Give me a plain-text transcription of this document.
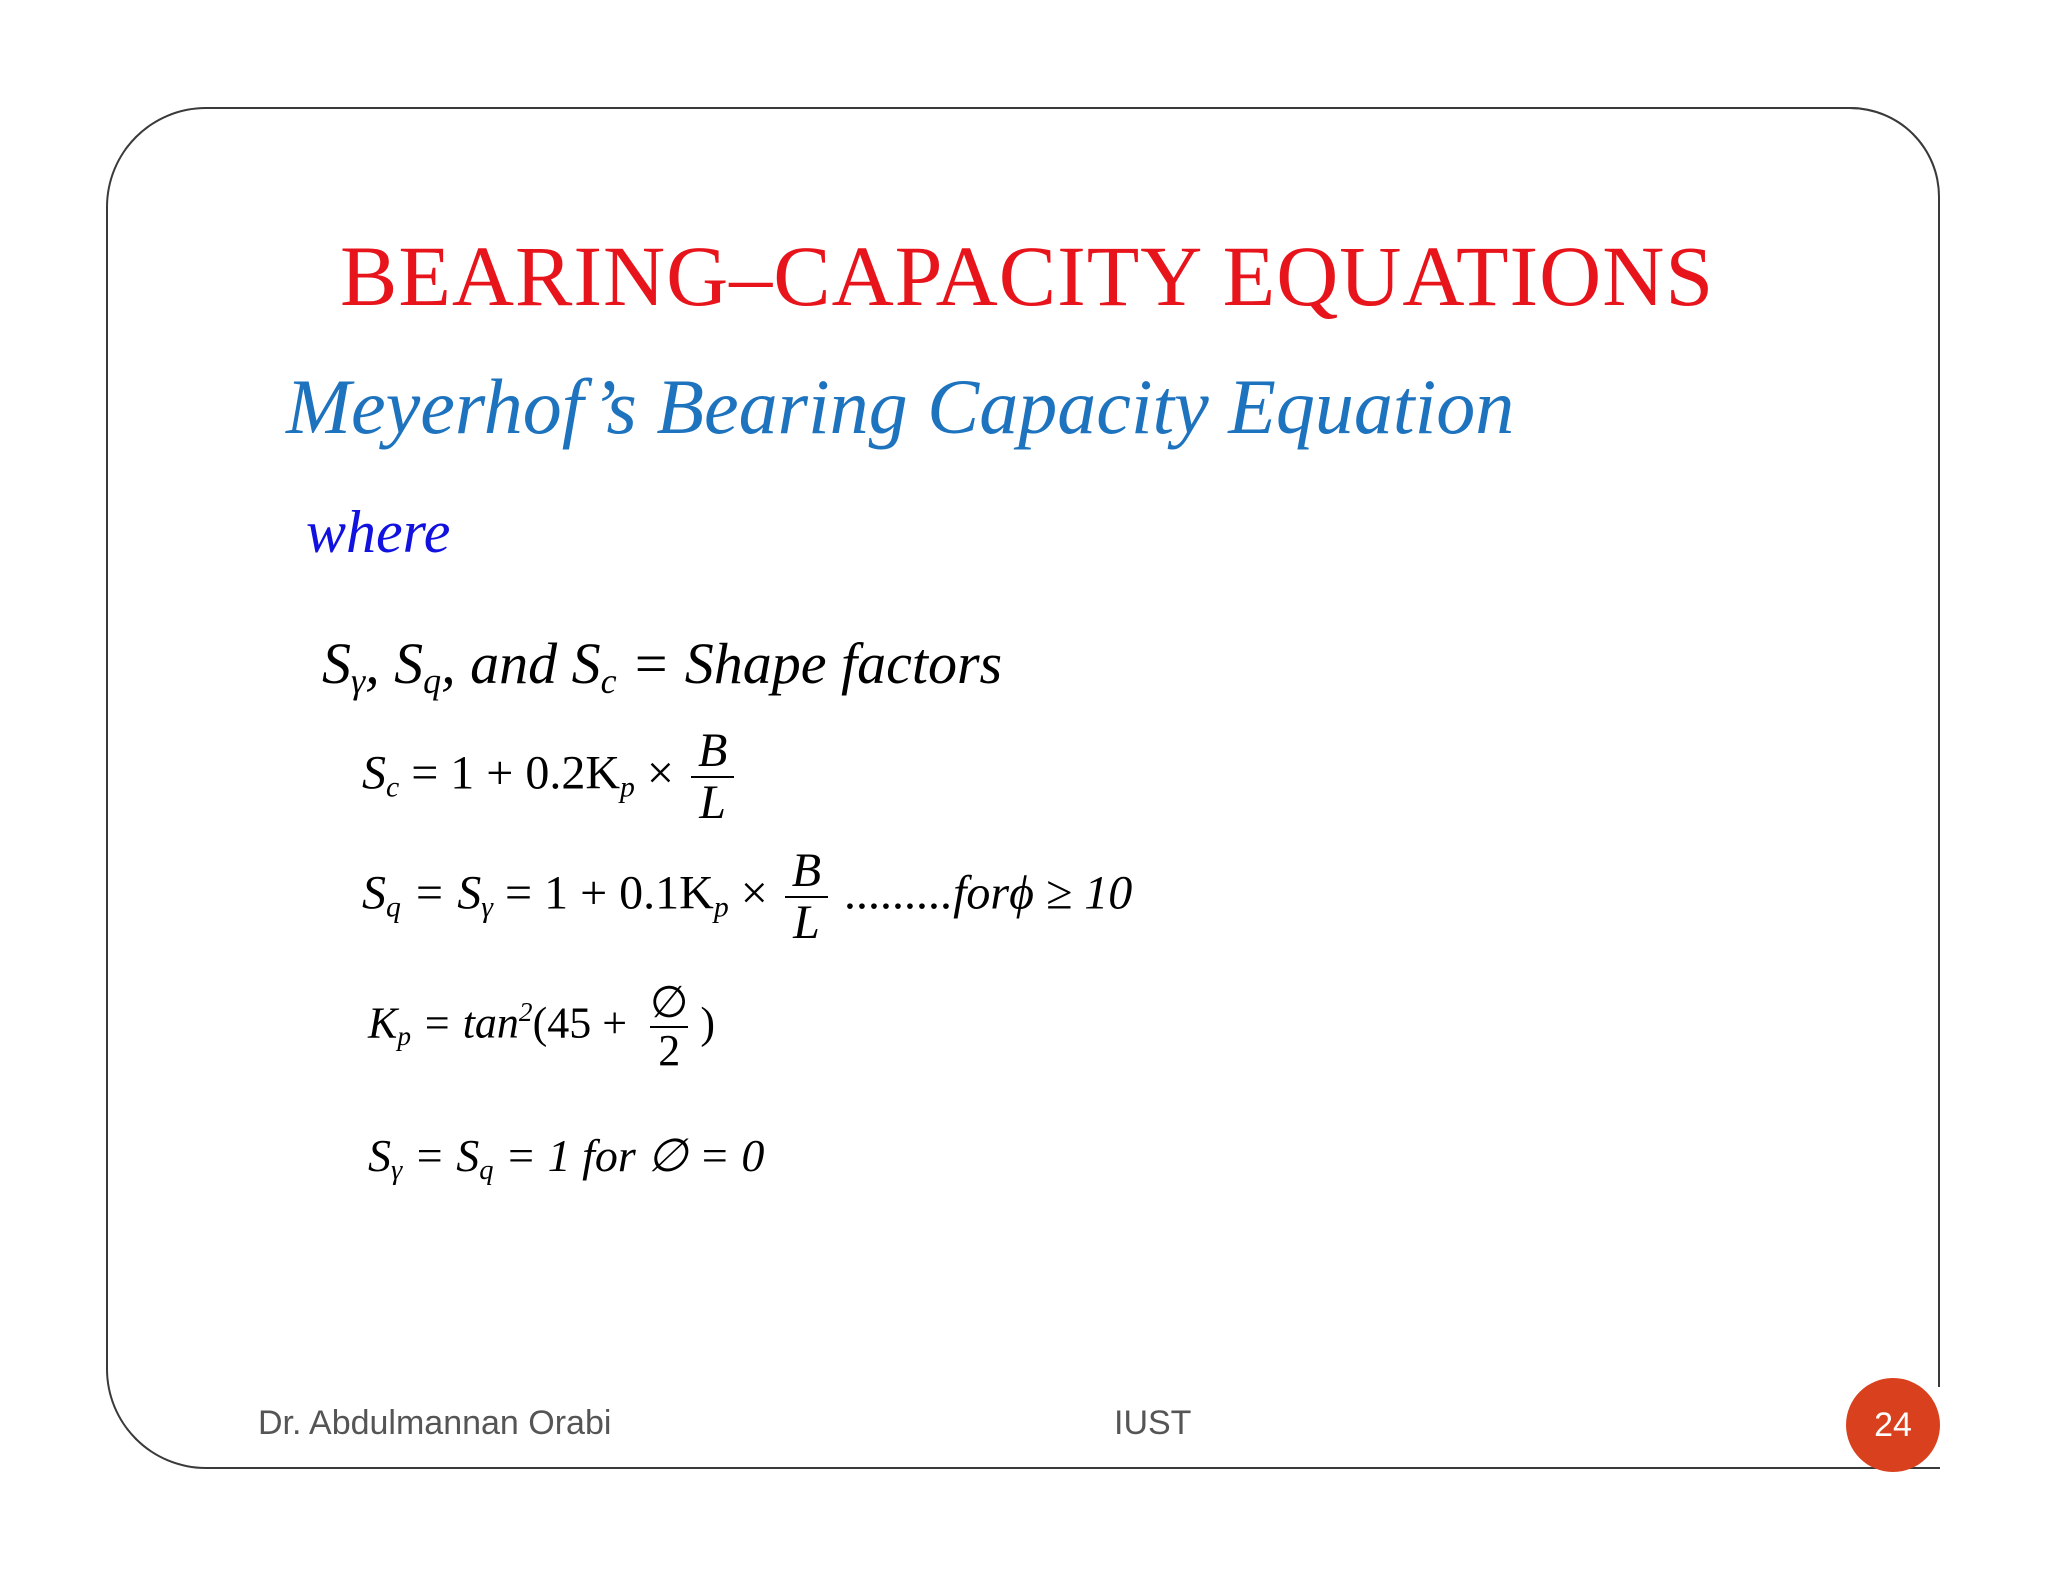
BEARING–CAPACITY EQUATIONS
Meyerhof’s Bearing Capacity Equation
where
$S_\gamma$, $S_q$, and $S_c$ = Shape factors
$S_c = 1 + 0.2K_p \times \frac{B}{L}$
$S_q = S_\gamma = 1 + 0.1K_p \times \frac{B}{L} .........for\phi \ge 10$
$K_p = \tan^2(45 + \frac{\emptyset}{2}$ )
$S_\gamma = S_q = 1$ for ∅ = 0
Dr. Abdulmannan Orabi	IUST	24
